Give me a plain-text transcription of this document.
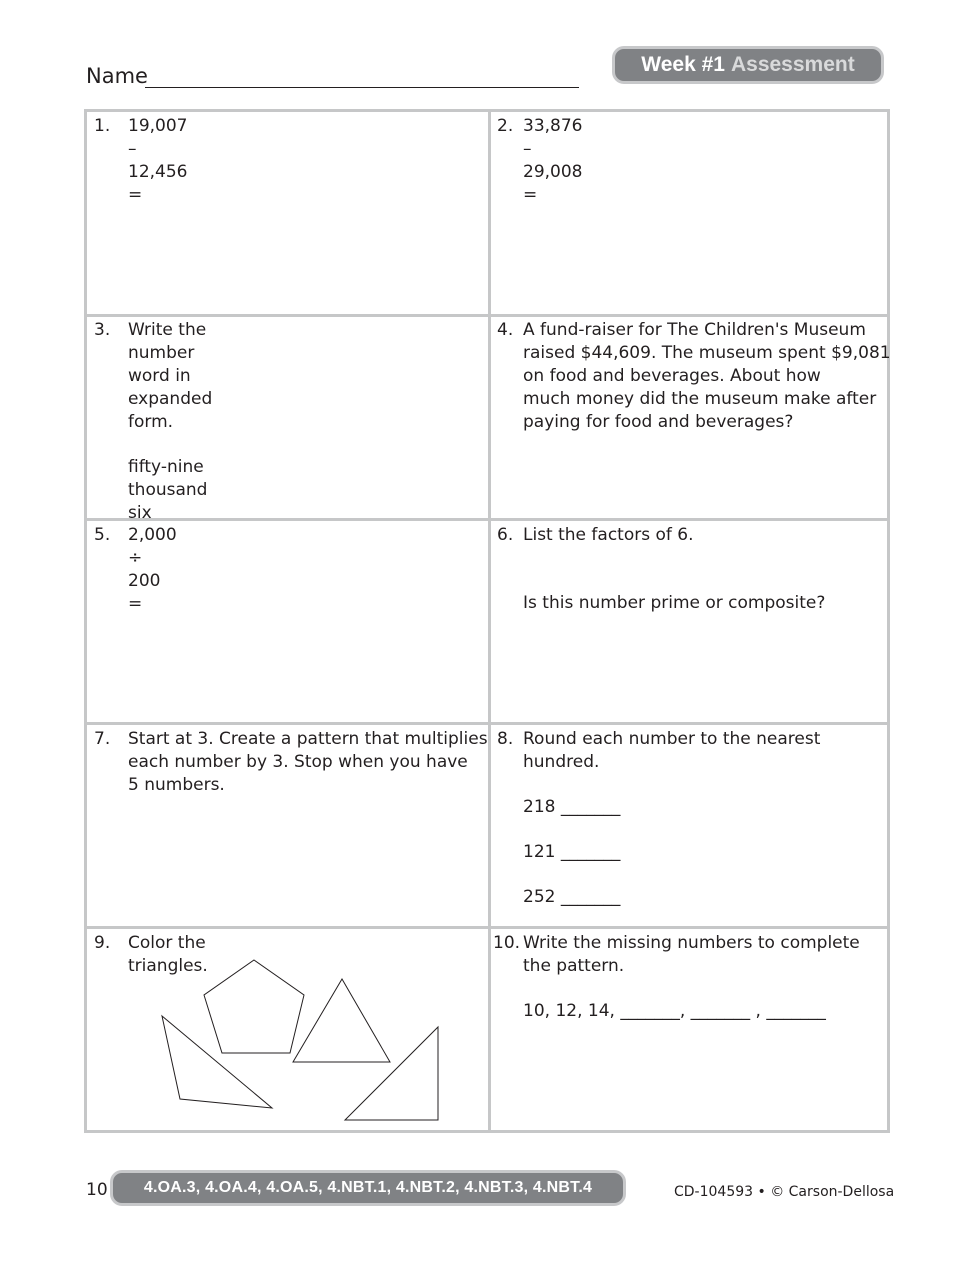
Name	Week #1 Assessment
1. 19,007 – 12,456 =

2. 33,876 – 29,008 =

3. Write the number word in expanded

form.

fifty-nine thousand six

4. A fund-raiser for The Children's Museum

raised $44,609. The museum spent $9,081

on food and beverages. About how

much money did the museum make after

paying for food and beverages?

5. 2,000 ÷ 200 =

6. List the factors of 6.

Is this number prime or composite?

7. Start at 3. Create a pattern that multiplies

each number by 3. Stop when you have

5 numbers.

8. Round each number to the nearest

hundred.

218 _______

121 _______

252 _______

9. Color the triangles.

10. Write the missing numbers to complete

the pattern.

10, 12, 14, _______, _______ , _______

10	4.OA.3, 4.OA.4, 4.OA.5, 4.NBT.1, 4.NBT.2, 4.NBT.3, 4.NBT.4	CD-104593 • © Carson-Dellosa
